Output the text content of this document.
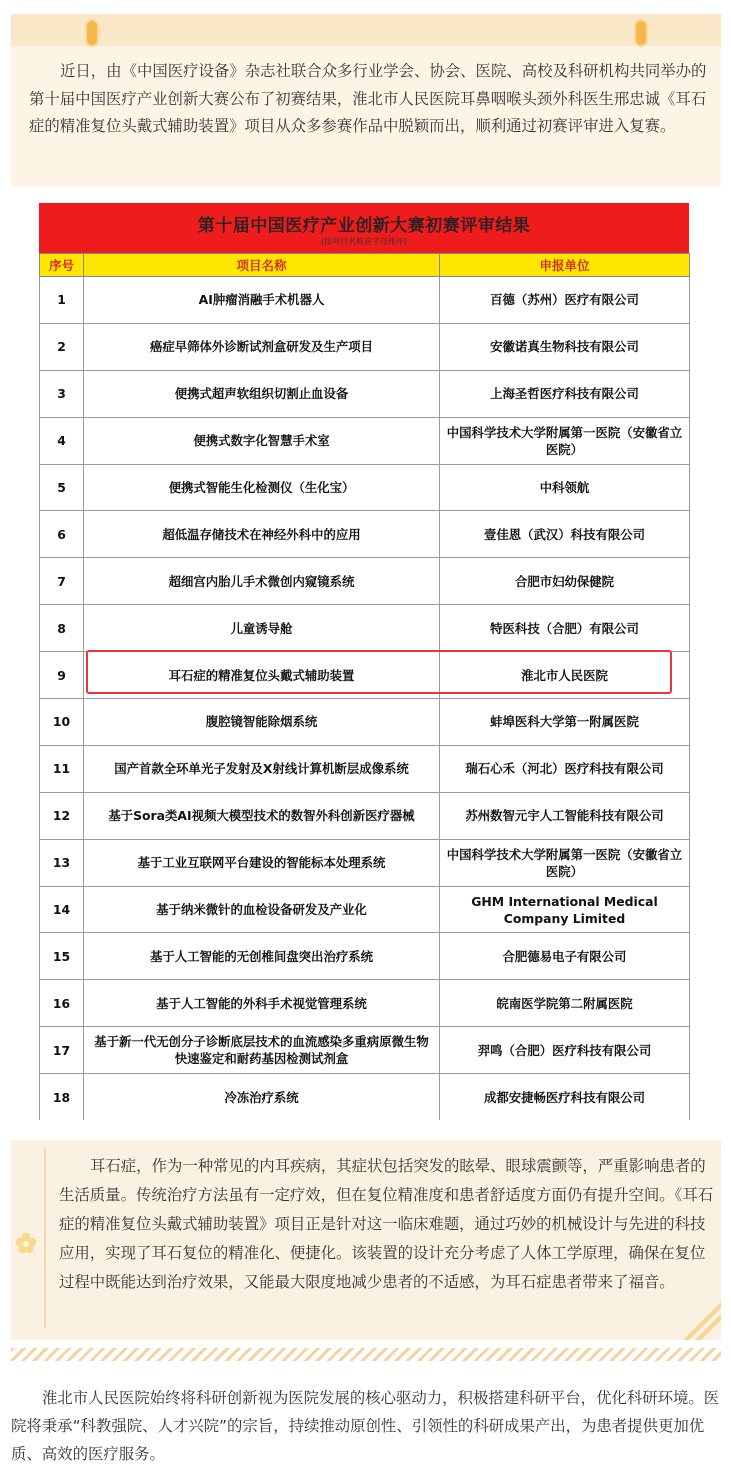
近日，由《中国医疗设备》杂志社联合众多行业学会、协会、医院、高校及科研机构共同举办的第十届中国医疗产业创新大赛公布了初赛结果，淮北市人民医院耳鼻咽喉头颈外科医生邢忠诚《耳石症的精准复位头戴式辅助装置》项目从众多参赛作品中脱颖而出，顺利通过初赛评审进入复赛。

第十届中国医疗产业创新大赛初赛评审结果
(按项目名称首字母排序)
序号	项目名称	申报单位
1	AI肿瘤消融手术机器人	百德（苏州）医疗有限公司
2	癌症早筛体外诊断试剂盒研发及生产项目	安徽诺真生物科技有限公司
3	便携式超声软组织切割止血设备	上海圣哲医疗科技有限公司
4	便携式数字化智慧手术室	中国科学技术大学附属第一医院（安徽省立医院）
5	便携式智能生化检测仪（生化宝）	中科领航
6	超低温存储技术在神经外科中的应用	壹佳恩（武汉）科技有限公司
7	超细宫内胎儿手术微创内窥镜系统	合肥市妇幼保健院
8	儿童诱导舱	特医科技（合肥）有限公司
9	耳石症的精准复位头戴式辅助装置	淮北市人民医院
10	腹腔镜智能除烟系统	蚌埠医科大学第一附属医院
11	国产首款全环单光子发射及X射线计算机断层成像系统	瑞石心禾（河北）医疗科技有限公司
12	基于Sora类AI视频大模型技术的数智外科创新医疗器械	苏州数智元宇人工智能科技有限公司
13	基于工业互联网平台建设的智能标本处理系统	中国科学技术大学附属第一医院（安徽省立医院）
14	基于纳米微针的血检设备研发及产业化	GHM International Medical Company Limited
15	基于人工智能的无创椎间盘突出治疗系统	合肥德易电子有限公司
16	基于人工智能的外科手术视觉管理系统	皖南医学院第二附属医院
17	基于新一代无创分子诊断底层技术的血流感染多重病原微生物快速鉴定和耐药基因检测试剂盒	羿鸣（合肥）医疗科技有限公司
18	冷冻治疗系统	成都安捷畅医疗科技有限公司

耳石症，作为一种常见的内耳疾病，其症状包括突发的眩晕、眼球震颤等，严重影响患者的生活质量。传统治疗方法虽有一定疗效，但在复位精准度和患者舒适度方面仍有提升空间。《耳石症的精准复位头戴式辅助装置》项目正是针对这一临床难题，通过巧妙的机械设计与先进的科技应用，实现了耳石复位的精准化、便捷化。该装置的设计充分考虑了人体工学原理，确保在复位过程中既能达到治疗效果，又能最大限度地减少患者的不适感，为耳石症患者带来了福音。

淮北市人民医院始终将科研创新视为医院发展的核心驱动力，积极搭建科研平台，优化科研环境。医院将秉承“科教强院、人才兴院”的宗旨，持续推动原创性、引领性的科研成果产出，为患者提供更加优质、高效的医疗服务。
